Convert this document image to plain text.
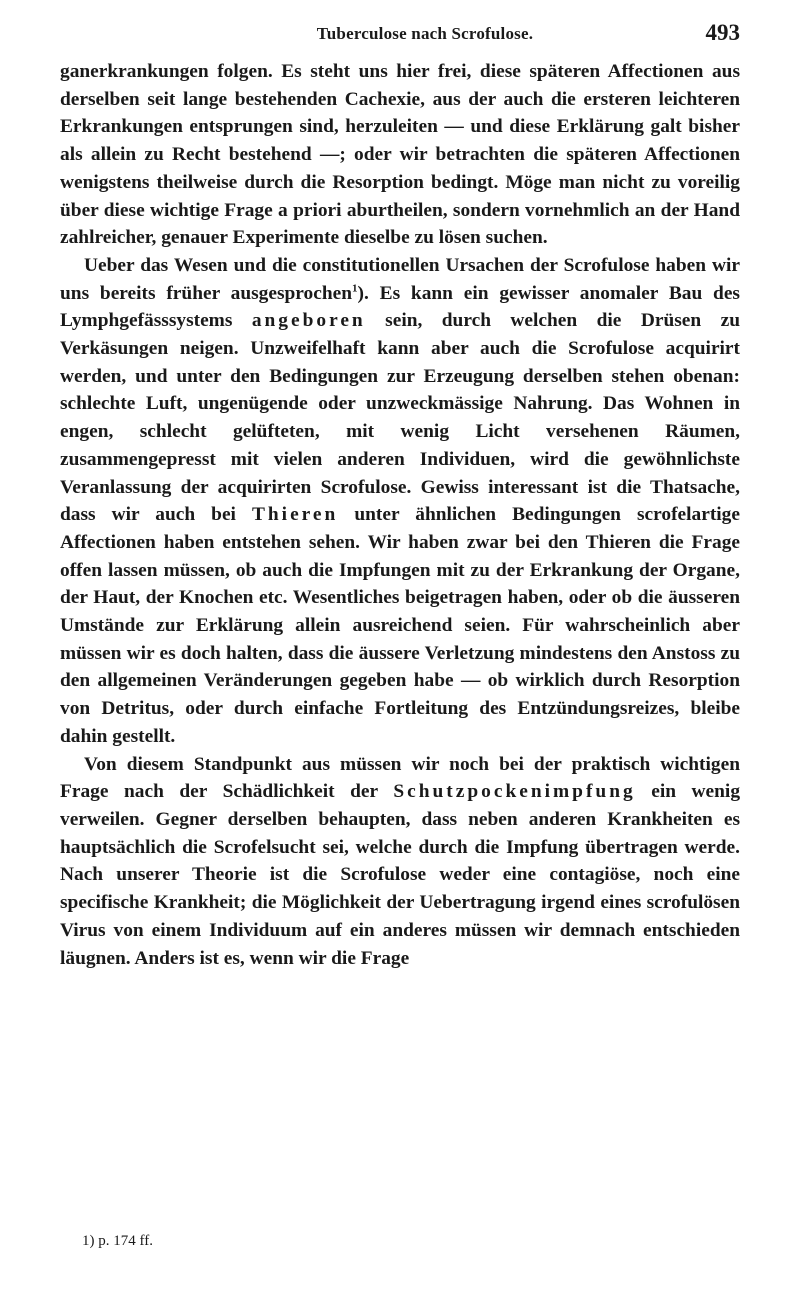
Tuberculose nach Scrofulose.	493

ganerkrankungen folgen. Es steht uns hier frei, diese späteren Affectionen aus derselben seit lange bestehenden Cachexie, aus der auch die ersteren leichteren Erkrankungen entsprungen sind, herzuleiten — und diese Erklärung galt bisher als allein zu Recht bestehend —; oder wir betrachten die späteren Affectionen wenigstens theilweise durch die Resorption bedingt. Möge man nicht zu voreilig über diese wichtige Frage a priori aburtheilen, sondern vornehmlich an der Hand zahlreicher, genauer Experimente dieselbe zu lösen suchen.

Ueber das Wesen und die constitutionellen Ursachen der Scrofulose haben wir uns bereits früher ausgesprochen$^1$). Es kann ein gewisser anomaler Bau des Lymphgefässsystems angeboren sein, durch welchen die Drüsen zu Verkäsungen neigen. Unzweifelhaft kann aber auch die Scrofulose acquirirt werden, und unter den Bedingungen zur Erzeugung derselben stehen obenan: schlechte Luft, ungenügende oder unzweckmässige Nahrung. Das Wohnen in engen, schlecht gelüfteten, mit wenig Licht versehenen Räumen, zusammengepresst mit vielen anderen Individuen, wird die gewöhnlichste Veranlassung der acquirirten Scrofulose. Gewiss interessant ist die Thatsache, dass wir auch bei Thieren unter ähnlichen Bedingungen scrofelartige Affectionen haben entstehen sehen. Wir haben zwar bei den Thieren die Frage offen lassen müssen, ob auch die Impfungen mit zu der Erkrankung der Organe, der Haut, der Knochen etc. Wesentliches beigetragen haben, oder ob die äusseren Umstände zur Erklärung allein ausreichend seien. Für wahrscheinlich aber müssen wir es doch halten, dass die äussere Verletzung mindestens den Anstoss zu den allgemeinen Veränderungen gegeben habe — ob wirklich durch Resorption von Detritus, oder durch einfache Fortleitung des Entzündungsreizes, bleibe dahin gestellt.

Von diesem Standpunkt aus müssen wir noch bei der praktisch wichtigen Frage nach der Schädlichkeit der Schutzpockenimpfung ein wenig verweilen. Gegner derselben behaupten, dass neben anderen Krankheiten es hauptsächlich die Scrofelsucht sei, welche durch die Impfung übertragen werde. Nach unserer Theorie ist die Scrofulose weder eine contagiöse, noch eine specifische Krankheit; die Möglichkeit der Uebertragung irgend eines scrofulösen Virus von einem Individuum auf ein anderes müssen wir demnach entschieden läugnen. Anders ist es, wenn wir die Frage

1) p. 174 ff.
